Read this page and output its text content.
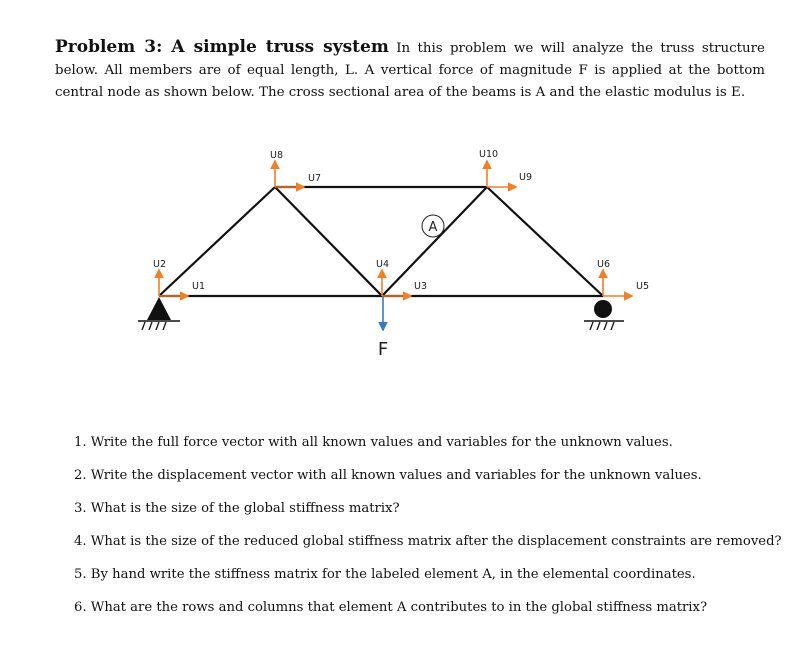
Problem 3: A simple truss system In this problem we will analyze the truss structure below. All members are of equal length, L. A vertical force of magnitude F is applied at the bottom central node as shown below. The cross sectional area of the beams is A and the elastic modulus is E.
U1
U2
U3
U4
U5
U6
U7
U8
U9
U10
A
F
1. Write the full force vector with all known values and variables for the unknown values.
2. Write the displacement vector with all known values and variables for the unknown values.
3. What is the size of the global stiffness matrix?
4. What is the size of the reduced global stiffness matrix after the displacement constraints are removed?
5. By hand write the stiffness matrix for the labeled element A, in the elemental coordinates.
6. What are the rows and columns that element A contributes to in the global stiffness matrix?
